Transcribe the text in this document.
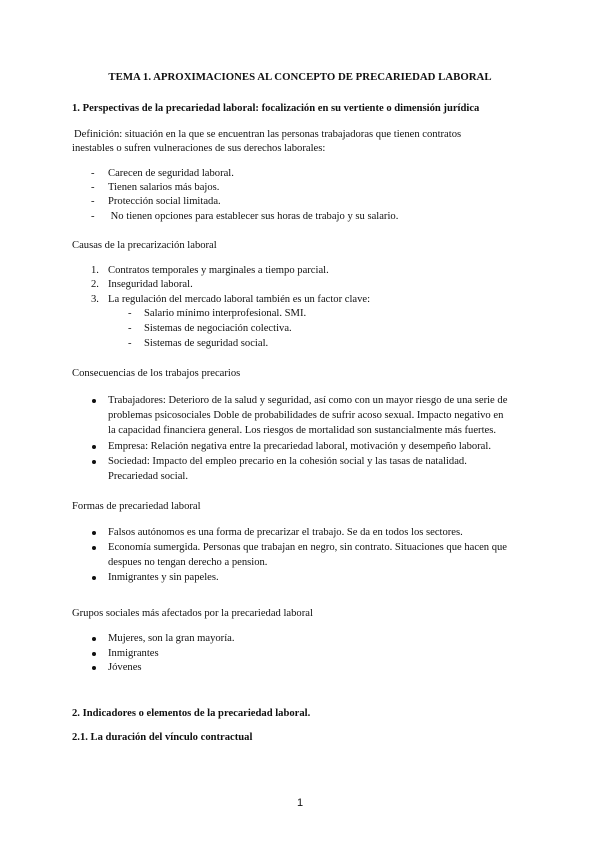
TEMA 1. APROXIMACIONES AL CONCEPTO DE PRECARIEDAD LABORAL
1. Perspectivas de la precariedad laboral: focalización en su vertiente o dimensión jurídica
Definición: situación en la que se encuentran las personas trabajadoras que tienen contratos
inestables o sufren vulneraciones de sus derechos laborales:
- Carecen de seguridad laboral.
- Tienen salarios más bajos.
- Protección social limitada.
- No tienen opciones para establecer sus horas de trabajo y su salario.
Causas de la precarización laboral
1. Contratos temporales y marginales a tiempo parcial.
2. Inseguridad laboral.
3. La regulación del mercado laboral también es un factor clave:
- Salario mínimo interprofesional. SMI.
- Sistemas de negociación colectiva.
- Sistemas de seguridad social.
Consecuencias de los trabajos precarios
Trabajadores: Deterioro de la salud y seguridad, así como con un mayor riesgo de una serie de
problemas psicosociales Doble de probabilidades de sufrir acoso sexual. Impacto negativo en
la capacidad financiera general. Los riesgos de mortalidad son sustancialmente más fuertes.
Empresa: Relación negativa entre la precariedad laboral, motivación y desempeño laboral.
Sociedad: Impacto del empleo precario en la cohesión social y las tasas de natalidad.
Precariedad social.
Formas de precariedad laboral
Falsos autónomos es una forma de precarizar el trabajo. Se da en todos los sectores.
Economía sumergida. Personas que trabajan en negro, sin contrato. Situaciones que hacen que
despues no tengan derecho a pension.
Inmigrantes y sin papeles.
Grupos sociales más afectados por la precariedad laboral
Mujeres, son la gran mayoría.
Inmigrantes
Jóvenes
2. Indicadores o elementos de la precariedad laboral.
2.1. La duración del vínculo contractual
1
